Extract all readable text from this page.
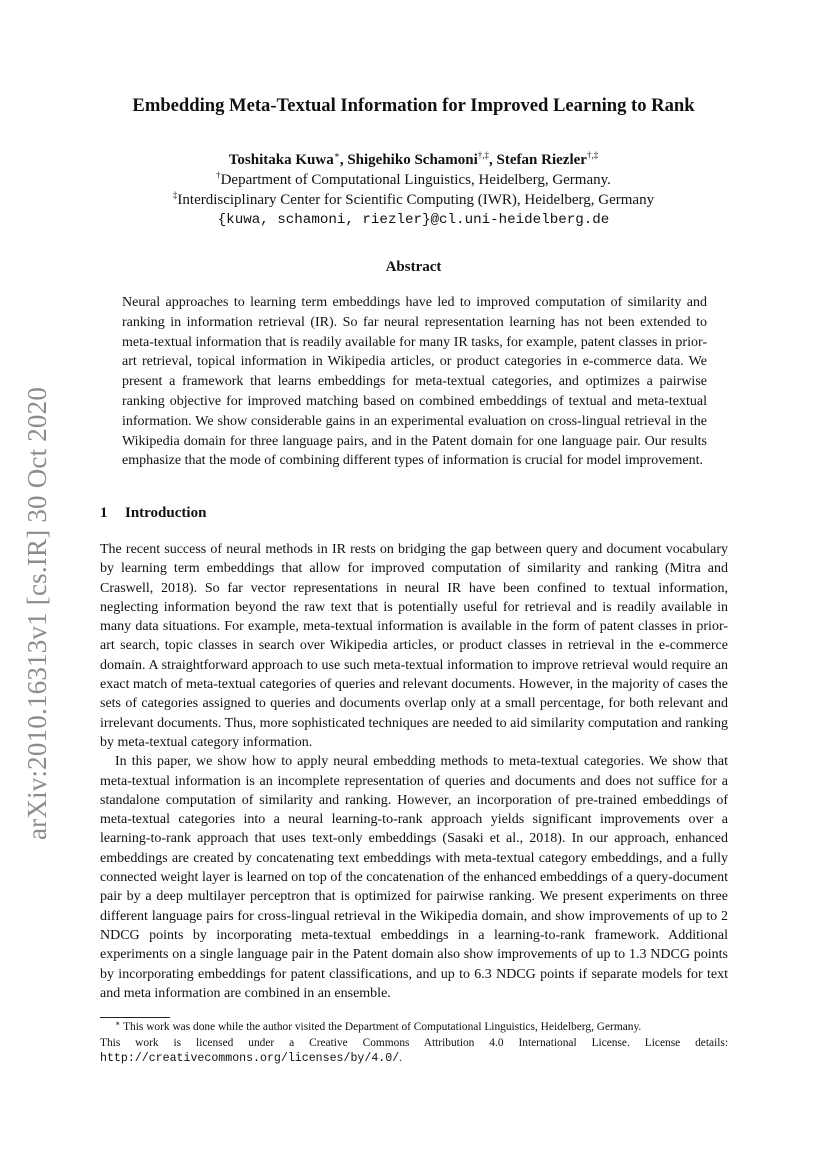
arXiv:2010.16313v1 [cs.IR] 30 Oct 2020
Embedding Meta-Textual Information for Improved Learning to Rank
Toshitaka Kuwa∗, Shigehiko Schamoni†,‡, Stefan Riezler†,‡
†Department of Computational Linguistics, Heidelberg, Germany.
‡Interdisciplinary Center for Scientific Computing (IWR), Heidelberg, Germany
{kuwa, schamoni, riezler}@cl.uni-heidelberg.de
Abstract
Neural approaches to learning term embeddings have led to improved computation of similarity and ranking in information retrieval (IR). So far neural representation learning has not been extended to meta-textual information that is readily available for many IR tasks, for example, patent classes in prior-art retrieval, topical information in Wikipedia articles, or product categories in e-commerce data. We present a framework that learns embeddings for meta-textual categories, and optimizes a pairwise ranking objective for improved matching based on combined embeddings of textual and meta-textual information. We show considerable gains in an experimental evaluation on cross-lingual retrieval in the Wikipedia domain for three language pairs, and in the Patent domain for one language pair. Our results emphasize that the mode of combining different types of information is crucial for model improvement.
1 Introduction

The recent success of neural methods in IR rests on bridging the gap between query and document vocabulary by learning term embeddings that allow for improved computation of similarity and ranking (Mitra and Craswell, 2018). So far vector representations in neural IR have been confined to textual information, neglecting information beyond the raw text that is potentially useful for retrieval and is readily available in many data situations. For example, meta-textual information is available in the form of patent classes in prior-art search, topic classes in search over Wikipedia articles, or product classes in retrieval in the e-commerce domain. A straightforward approach to use such meta-textual information to improve retrieval would require an exact match of meta-textual categories of queries and relevant documents. However, in the majority of cases the sets of categories assigned to queries and documents overlap only at a small percentage, for both relevant and irrelevant documents. Thus, more sophisticated techniques are needed to aid similarity computation and ranking by meta-textual category information.

In this paper, we show how to apply neural embedding methods to meta-textual categories. We show that meta-textual information is an incomplete representation of queries and documents and does not suffice for a standalone computation of similarity and ranking. However, an incorporation of pre-trained embeddings of meta-textual categories into a neural learning-to-rank approach yields significant improvements over a learning-to-rank approach that uses text-only embeddings (Sasaki et al., 2018). In our approach, enhanced embeddings are created by concatenating text embeddings with meta-textual category embeddings, and a fully connected weight layer is learned on top of the concatenation of the enhanced embeddings of a query-document pair by a deep multilayer perceptron that is optimized for pairwise ranking. We present experiments on three different language pairs for cross-lingual retrieval in the Wikipedia domain, and show improvements of up to 2 NDCG points by incorporating meta-textual embeddings in a learning-to-rank framework. Additional experiments on a single language pair in the Patent domain also show improvements of up to 1.3 NDCG points by incorporating embeddings for patent classifications, and up to 6.3 NDCG points if separate models for text and meta information are combined in an ensemble.

∗ This work was done while the author visited the Department of Computational Linguistics, Heidelberg, Germany.

This work is licensed under a Creative Commons Attribution 4.0 International License. License details: http://creativecommons.org/licenses/by/4.0/.
